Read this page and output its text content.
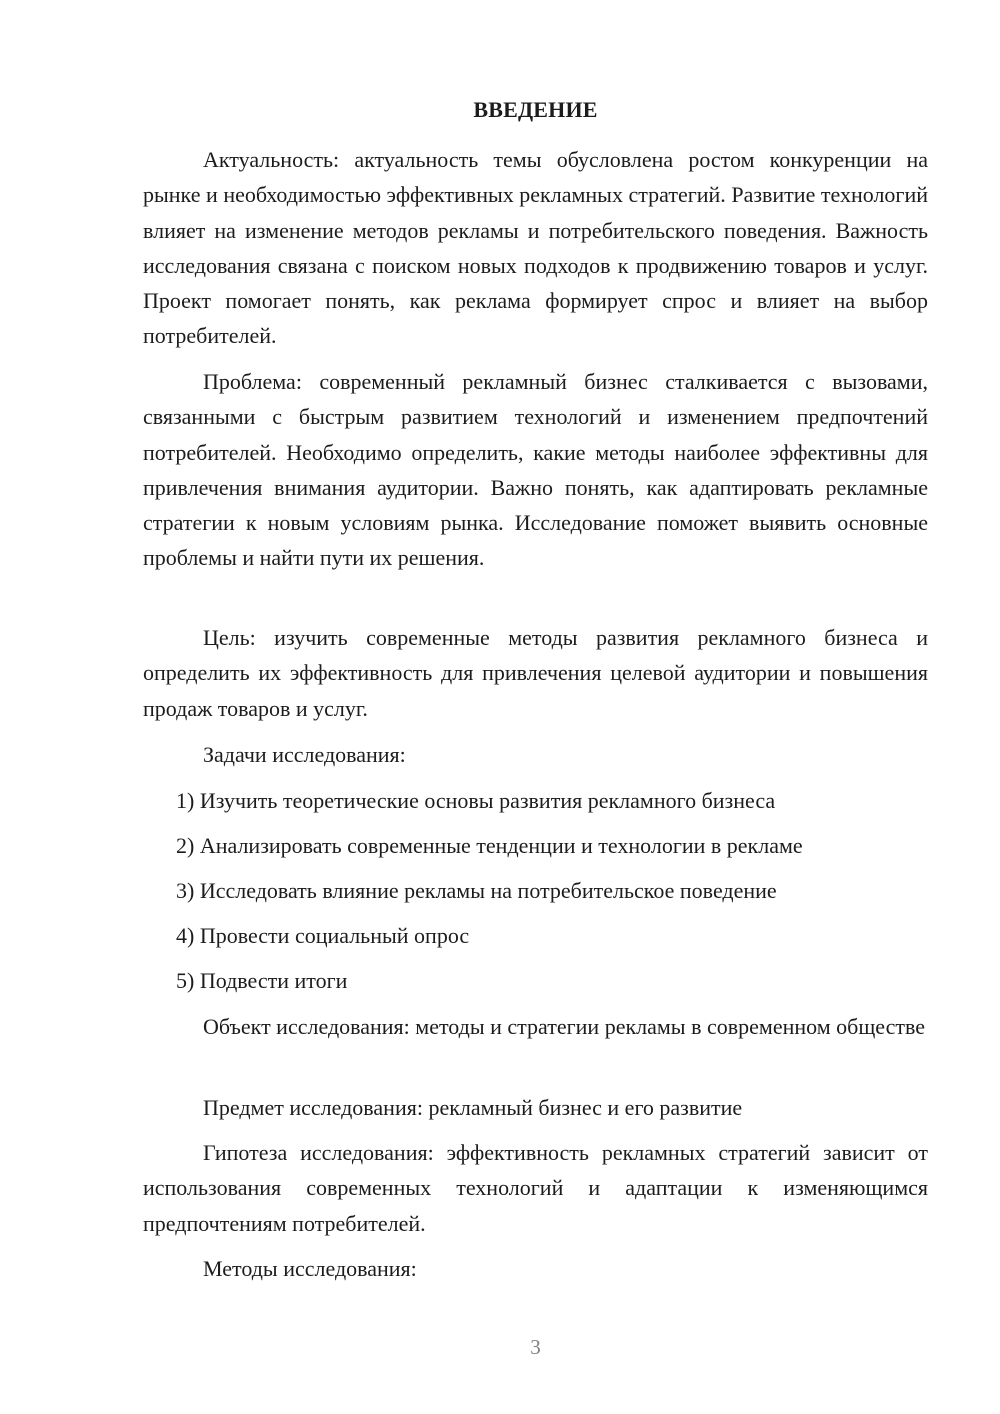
ВВЕДЕНИЕ

Актуальность: актуальность темы обусловлена ростом конкуренции на рынке и необходимостью эффективных рекламных стратегий. Развитие технологий влияет на изменение методов рекламы и потребительского поведения. Важность исследования связана с поиском новых подходов к продвижению товаров и услуг. Проект помогает понять, как реклама формирует спрос и влияет на выбор потребителей.

Проблема: современный рекламный бизнес сталкивается с вызовами, связанными с быстрым развитием технологий и изменением предпочтений потребителей. Необходимо определить, какие методы наиболее эффективны для привлечения внимания аудитории. Важно понять, как адаптировать рекламные стратегии к новым условиям рынка. Исследование поможет выявить основные проблемы и найти пути их решения.

Цель: изучить современные методы развития рекламного бизнеса и определить их эффективность для привлечения целевой аудитории и повышения продаж товаров и услуг.

Задачи исследования:

1) Изучить теоретические основы развития рекламного бизнеса

2) Анализировать современные тенденции и технологии в рекламе

3) Исследовать влияние рекламы на потребительское поведение

4) Провести социальный опрос

5) Подвести итоги

Объект исследования: методы и стратегии рекламы в современном обществе

Предмет исследования: рекламный бизнес и его развитие

Гипотеза исследования: эффективность рекламных стратегий зависит от использования современных технологий и адаптации к изменяющимся предпочтениям потребителей.

Методы исследования:

3
